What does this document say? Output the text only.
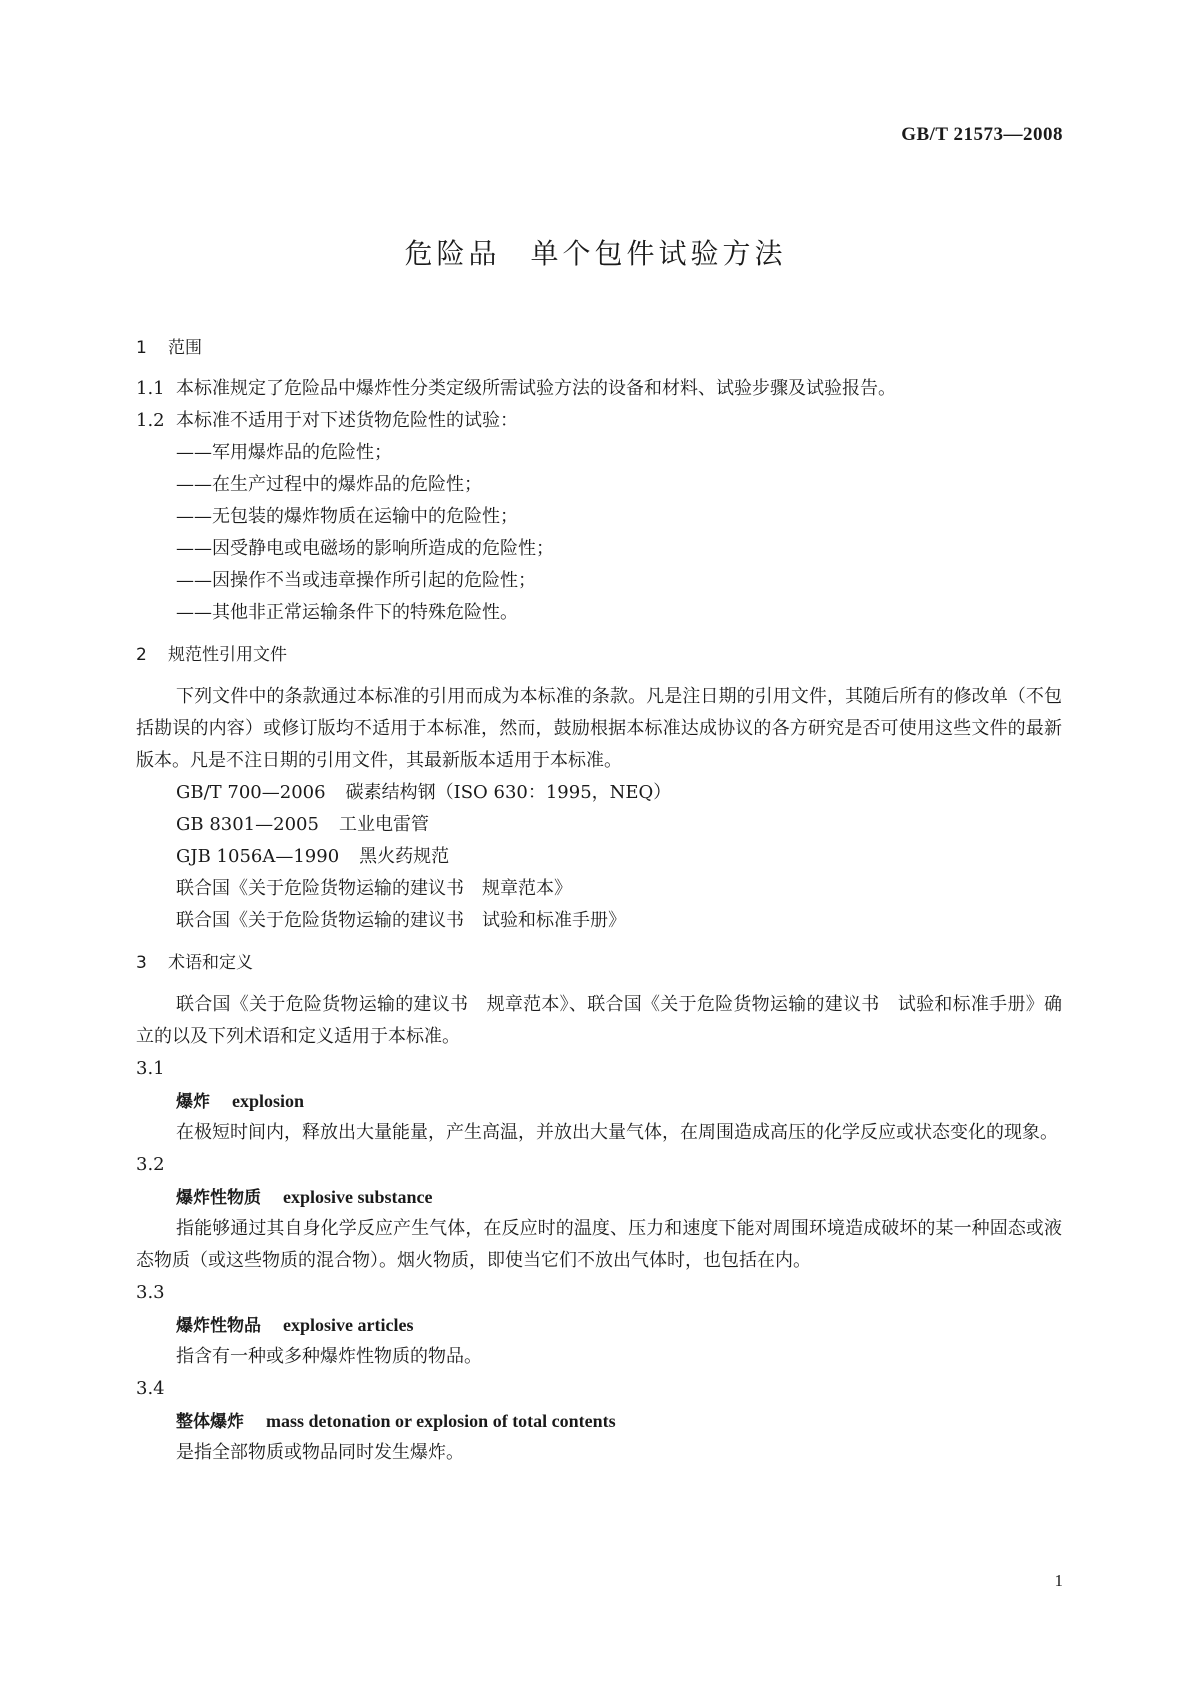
GB/T 21573—2008
危险品 单个包件试验方法
1 范围
1.1 本标准规定了危险品中爆炸性分类定级所需试验方法的设备和材料、试验步骤及试验报告。
1.2 本标准不适用于对下述货物危险性的试验：
——军用爆炸品的危险性；
——在生产过程中的爆炸品的危险性；
——无包装的爆炸物质在运输中的危险性；
——因受静电或电磁场的影响所造成的危险性；
——因操作不当或违章操作所引起的危险性；
——其他非正常运输条件下的特殊危险性。
2 规范性引用文件
下列文件中的条款通过本标准的引用而成为本标准的条款。凡是注日期的引用文件，其随后所有的修改单（不包括勘误的内容）或修订版均不适用于本标准，然而，鼓励根据本标准达成协议的各方研究是否可使用这些文件的最新版本。凡是不注日期的引用文件，其最新版本适用于本标准。
GB/T 700—2006 碳素结构钢（ISO 630：1995，NEQ）
GB 8301—2005 工业电雷管
GJB 1056A—1990 黑火药规范
联合国《关于危险货物运输的建议书　规章范本》
联合国《关于危险货物运输的建议书　试验和标准手册》
3 术语和定义
联合国《关于危险货物运输的建议书　规章范本》、联合国《关于危险货物运输的建议书　试验和标准手册》确立的以及下列术语和定义适用于本标准。
3.1
爆炸 explosion
在极短时间内，释放出大量能量，产生高温，并放出大量气体，在周围造成高压的化学反应或状态变化的现象。
3.2
爆炸性物质 explosive substance
指能够通过其自身化学反应产生气体，在反应时的温度、压力和速度下能对周围环境造成破坏的某一种固态或液态物质（或这些物质的混合物）。烟火物质，即使当它们不放出气体时，也包括在内。
3.3
爆炸性物品 explosive articles
指含有一种或多种爆炸性物质的物品。
3.4
整体爆炸 mass detonation or explosion of total contents
是指全部物质或物品同时发生爆炸。
1
